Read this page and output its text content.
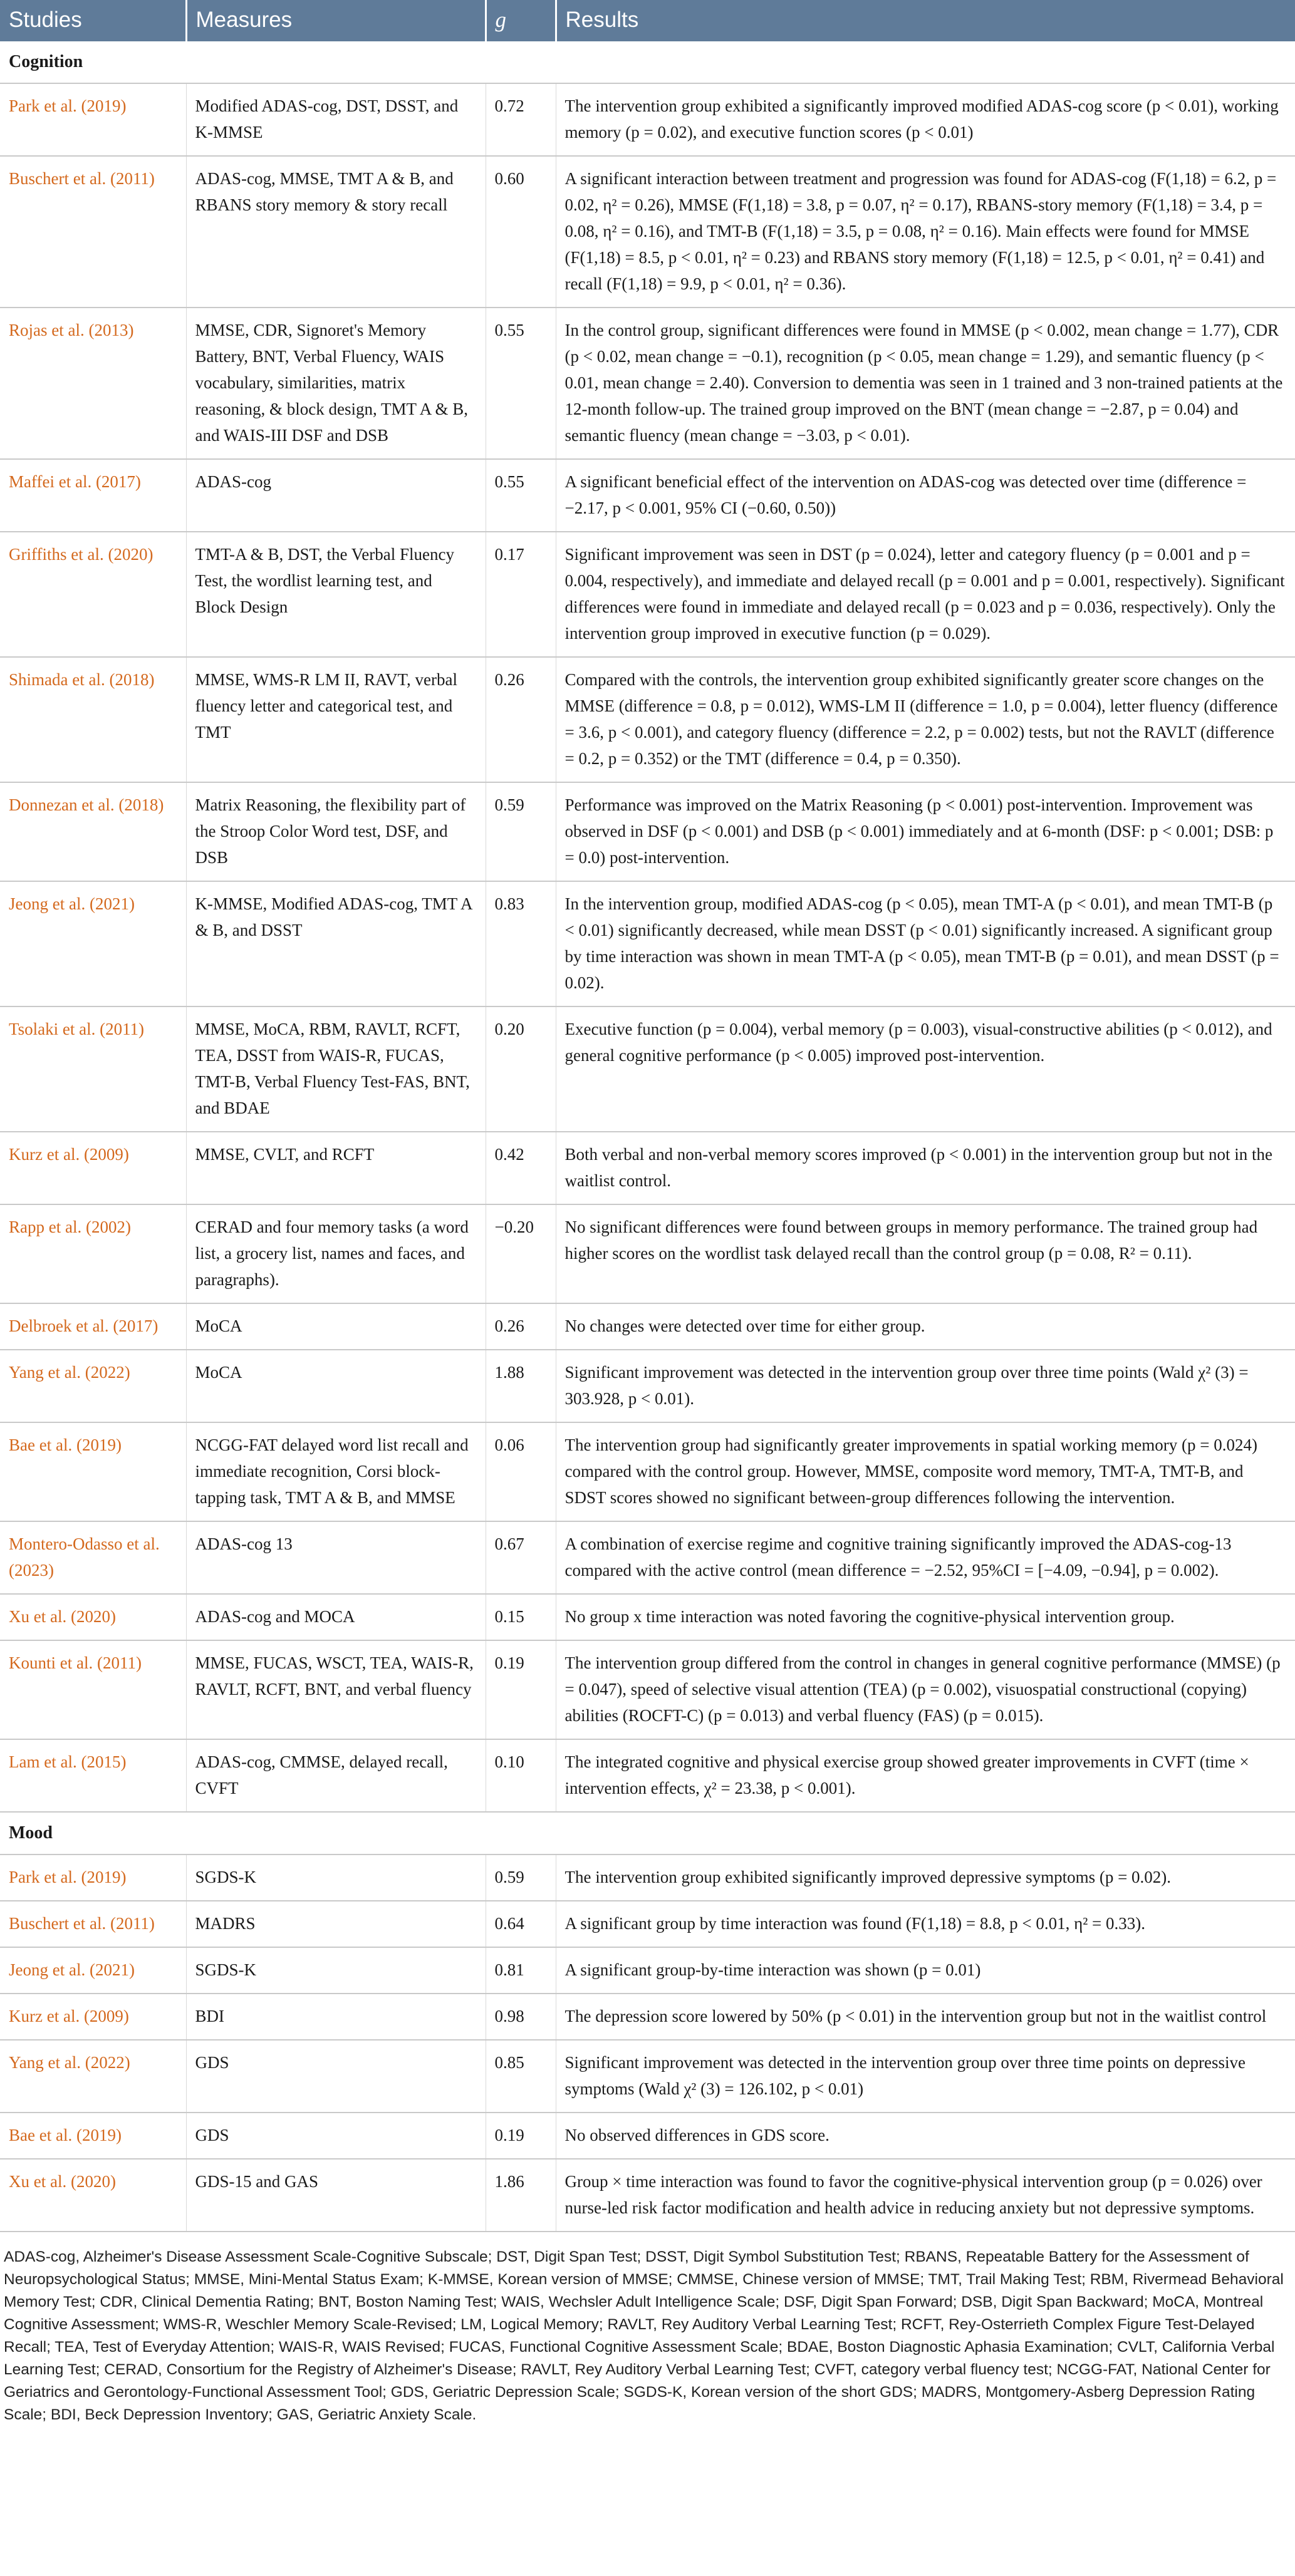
Studies	Measures	g	Results
Cognition			
Park et al. (2019)	Modified ADAS-cog, DST, DSST, and K-MMSE	0.72	The intervention group exhibited a significantly improved modified ADAS-cog score (p < 0.01), working memory (p = 0.02), and executive function scores (p < 0.01)
Buschert et al. (2011)	ADAS-cog, MMSE, TMT A & B, and RBANS story memory & story recall	0.60	A significant interaction between treatment and progression was found for ADAS-cog (F(1,18) = 6.2, p = 0.02, η² = 0.26), MMSE (F(1,18) = 3.8, p = 0.07, η² = 0.17), RBANS-story memory (F(1,18) = 3.4, p = 0.08, η² = 0.16), and TMT-B (F(1,18) = 3.5, p = 0.08, η² = 0.16). Main effects were found for MMSE (F(1,18) = 8.5, p < 0.01, η² = 0.23) and RBANS story memory (F(1,18) = 12.5, p < 0.01, η² = 0.41) and recall (F(1,18) = 9.9, p < 0.01, η² = 0.36).
Rojas et al. (2013)	MMSE, CDR, Signoret's Memory Battery, BNT, Verbal Fluency, WAIS vocabulary, similarities, matrix reasoning, & block design, TMT A & B, and WAIS-III DSF and DSB	0.55	In the control group, significant differences were found in MMSE (p < 0.002, mean change = 1.77), CDR (p < 0.02, mean change = −0.1), recognition (p < 0.05, mean change = 1.29), and semantic fluency (p < 0.01, mean change = 2.40). Conversion to dementia was seen in 1 trained and 3 non-trained patients at the 12-month follow-up. The trained group improved on the BNT (mean change = −2.87, p = 0.04) and semantic fluency (mean change = −3.03, p < 0.01).
Maffei et al. (2017)	ADAS-cog	0.55	A significant beneficial effect of the intervention on ADAS-cog was detected over time (difference = −2.17, p < 0.001, 95% CI (−0.60, 0.50))
Griffiths et al. (2020)	TMT-A & B, DST, the Verbal Fluency Test, the wordlist learning test, and Block Design	0.17	Significant improvement was seen in DST (p = 0.024), letter and category fluency (p = 0.001 and p = 0.004, respectively), and immediate and delayed recall (p = 0.001 and p = 0.001, respectively). Significant differences were found in immediate and delayed recall (p = 0.023 and p = 0.036, respectively). Only the intervention group improved in executive function (p = 0.029).
Shimada et al. (2018)	MMSE, WMS-R LM II, RAVT, verbal fluency letter and categorical test, and TMT	0.26	Compared with the controls, the intervention group exhibited significantly greater score changes on the MMSE (difference = 0.8, p = 0.012), WMS-LM II (difference = 1.0, p = 0.004), letter fluency (difference = 3.6, p < 0.001), and category fluency (difference = 2.2, p = 0.002) tests, but not the RAVLT (difference = 0.2, p = 0.352) or the TMT (difference = 0.4, p = 0.350).
Donnezan et al. (2018)	Matrix Reasoning, the flexibility part of the Stroop Color Word test, DSF, and DSB	0.59	Performance was improved on the Matrix Reasoning (p < 0.001) post-intervention. Improvement was observed in DSF (p < 0.001) and DSB (p < 0.001) immediately and at 6-month (DSF: p < 0.001; DSB: p = 0.0) post-intervention.
Jeong et al. (2021)	K-MMSE, Modified ADAS-cog, TMT A & B, and DSST	0.83	In the intervention group, modified ADAS-cog (p < 0.05), mean TMT-A (p < 0.01), and mean TMT-B (p < 0.01) significantly decreased, while mean DSST (p < 0.01) significantly increased. A significant group by time interaction was shown in mean TMT-A (p < 0.05), mean TMT-B (p = 0.01), and mean DSST (p = 0.02).
Tsolaki et al. (2011)	MMSE, MoCA, RBM, RAVLT, RCFT, TEA, DSST from WAIS-R, FUCAS, TMT-B, Verbal Fluency Test-FAS, BNT, and BDAE	0.20	Executive function (p = 0.004), verbal memory (p = 0.003), visual-constructive abilities (p < 0.012), and general cognitive performance (p < 0.005) improved post-intervention.
Kurz et al. (2009)	MMSE, CVLT, and RCFT	0.42	Both verbal and non-verbal memory scores improved (p < 0.001) in the intervention group but not in the waitlist control.
Rapp et al. (2002)	CERAD and four memory tasks (a word list, a grocery list, names and faces, and paragraphs).	−0.20	No significant differences were found between groups in memory performance. The trained group had higher scores on the wordlist task delayed recall than the control group (p = 0.08, R² = 0.11).
Delbroek et al. (2017)	MoCA	0.26	No changes were detected over time for either group.
Yang et al. (2022)	MoCA	1.88	Significant improvement was detected in the intervention group over three time points (Wald χ² (3) = 303.928, p < 0.01).
Bae et al. (2019)	NCGG-FAT delayed word list recall and immediate recognition, Corsi block-tapping task, TMT A & B, and MMSE	0.06	The intervention group had significantly greater improvements in spatial working memory (p = 0.024) compared with the control group. However, MMSE, composite word memory, TMT-A, TMT-B, and SDST scores showed no significant between-group differences following the intervention.
Montero-Odasso et al. (2023)	ADAS-cog 13	0.67	A combination of exercise regime and cognitive training significantly improved the ADAS-cog-13 compared with the active control (mean difference = −2.52, 95%CI = [−4.09, −0.94], p = 0.002).
Xu et al. (2020)	ADAS-cog and MOCA	0.15	No group x time interaction was noted favoring the cognitive-physical intervention group.
Kounti et al. (2011)	MMSE, FUCAS, WSCT, TEA, WAIS-R, RAVLT, RCFT, BNT, and verbal fluency	0.19	The intervention group differed from the control in changes in general cognitive performance (MMSE) (p = 0.047), speed of selective visual attention (TEA) (p = 0.002), visuospatial constructional (copying) abilities (ROCFT-C) (p = 0.013) and verbal fluency (FAS) (p = 0.015).
Lam et al. (2015)	ADAS-cog, CMMSE, delayed recall, CVFT	0.10	The integrated cognitive and physical exercise group showed greater improvements in CVFT (time × intervention effects, χ² = 23.38, p < 0.001).
Mood			
Park et al. (2019)	SGDS-K	0.59	The intervention group exhibited significantly improved depressive symptoms (p = 0.02).
Buschert et al. (2011)	MADRS	0.64	A significant group by time interaction was found (F(1,18) = 8.8, p < 0.01, η² = 0.33).
Jeong et al. (2021)	SGDS-K	0.81	A significant group-by-time interaction was shown (p = 0.01)
Kurz et al. (2009)	BDI	0.98	The depression score lowered by 50% (p < 0.01) in the intervention group but not in the waitlist control
Yang et al. (2022)	GDS	0.85	Significant improvement was detected in the intervention group over three time points on depressive symptoms (Wald χ² (3) = 126.102, p < 0.01)
Bae et al. (2019)	GDS	0.19	No observed differences in GDS score.
Xu et al. (2020)	GDS-15 and GAS	1.86	Group × time interaction was found to favor the cognitive-physical intervention group (p = 0.026) over nurse-led risk factor modification and health advice in reducing anxiety but not depressive symptoms.
ADAS-cog, Alzheimer's Disease Assessment Scale-Cognitive Subscale; DST, Digit Span Test; DSST, Digit Symbol Substitution Test; RBANS, Repeatable Battery for the Assessment of Neuropsychological Status; MMSE, Mini-Mental Status Exam; K-MMSE, Korean version of MMSE; CMMSE, Chinese version of MMSE; TMT, Trail Making Test; RBM, Rivermead Behavioral Memory Test; CDR, Clinical Dementia Rating; BNT, Boston Naming Test; WAIS, Wechsler Adult Intelligence Scale; DSF, Digit Span Forward; DSB, Digit Span Backward; MoCA, Montreal Cognitive Assessment; WMS-R, Weschler Memory Scale-Revised; LM, Logical Memory; RAVLT, Rey Auditory Verbal Learning Test; RCFT, Rey-Osterrieth Complex Figure Test-Delayed Recall; TEA, Test of Everyday Attention; WAIS-R, WAIS Revised; FUCAS, Functional Cognitive Assessment Scale; BDAE, Boston Diagnostic Aphasia Examination; CVLT, California Verbal Learning Test; CERAD, Consortium for the Registry of Alzheimer's Disease; RAVLT, Rey Auditory Verbal Learning Test; CVFT, category verbal fluency test; NCGG-FAT, National Center for Geriatrics and Gerontology-Functional Assessment Tool; GDS, Geriatric Depression Scale; SGDS-K, Korean version of the short GDS; MADRS, Montgomery-Asberg Depression Rating Scale; BDI, Beck Depression Inventory; GAS, Geriatric Anxiety Scale.
